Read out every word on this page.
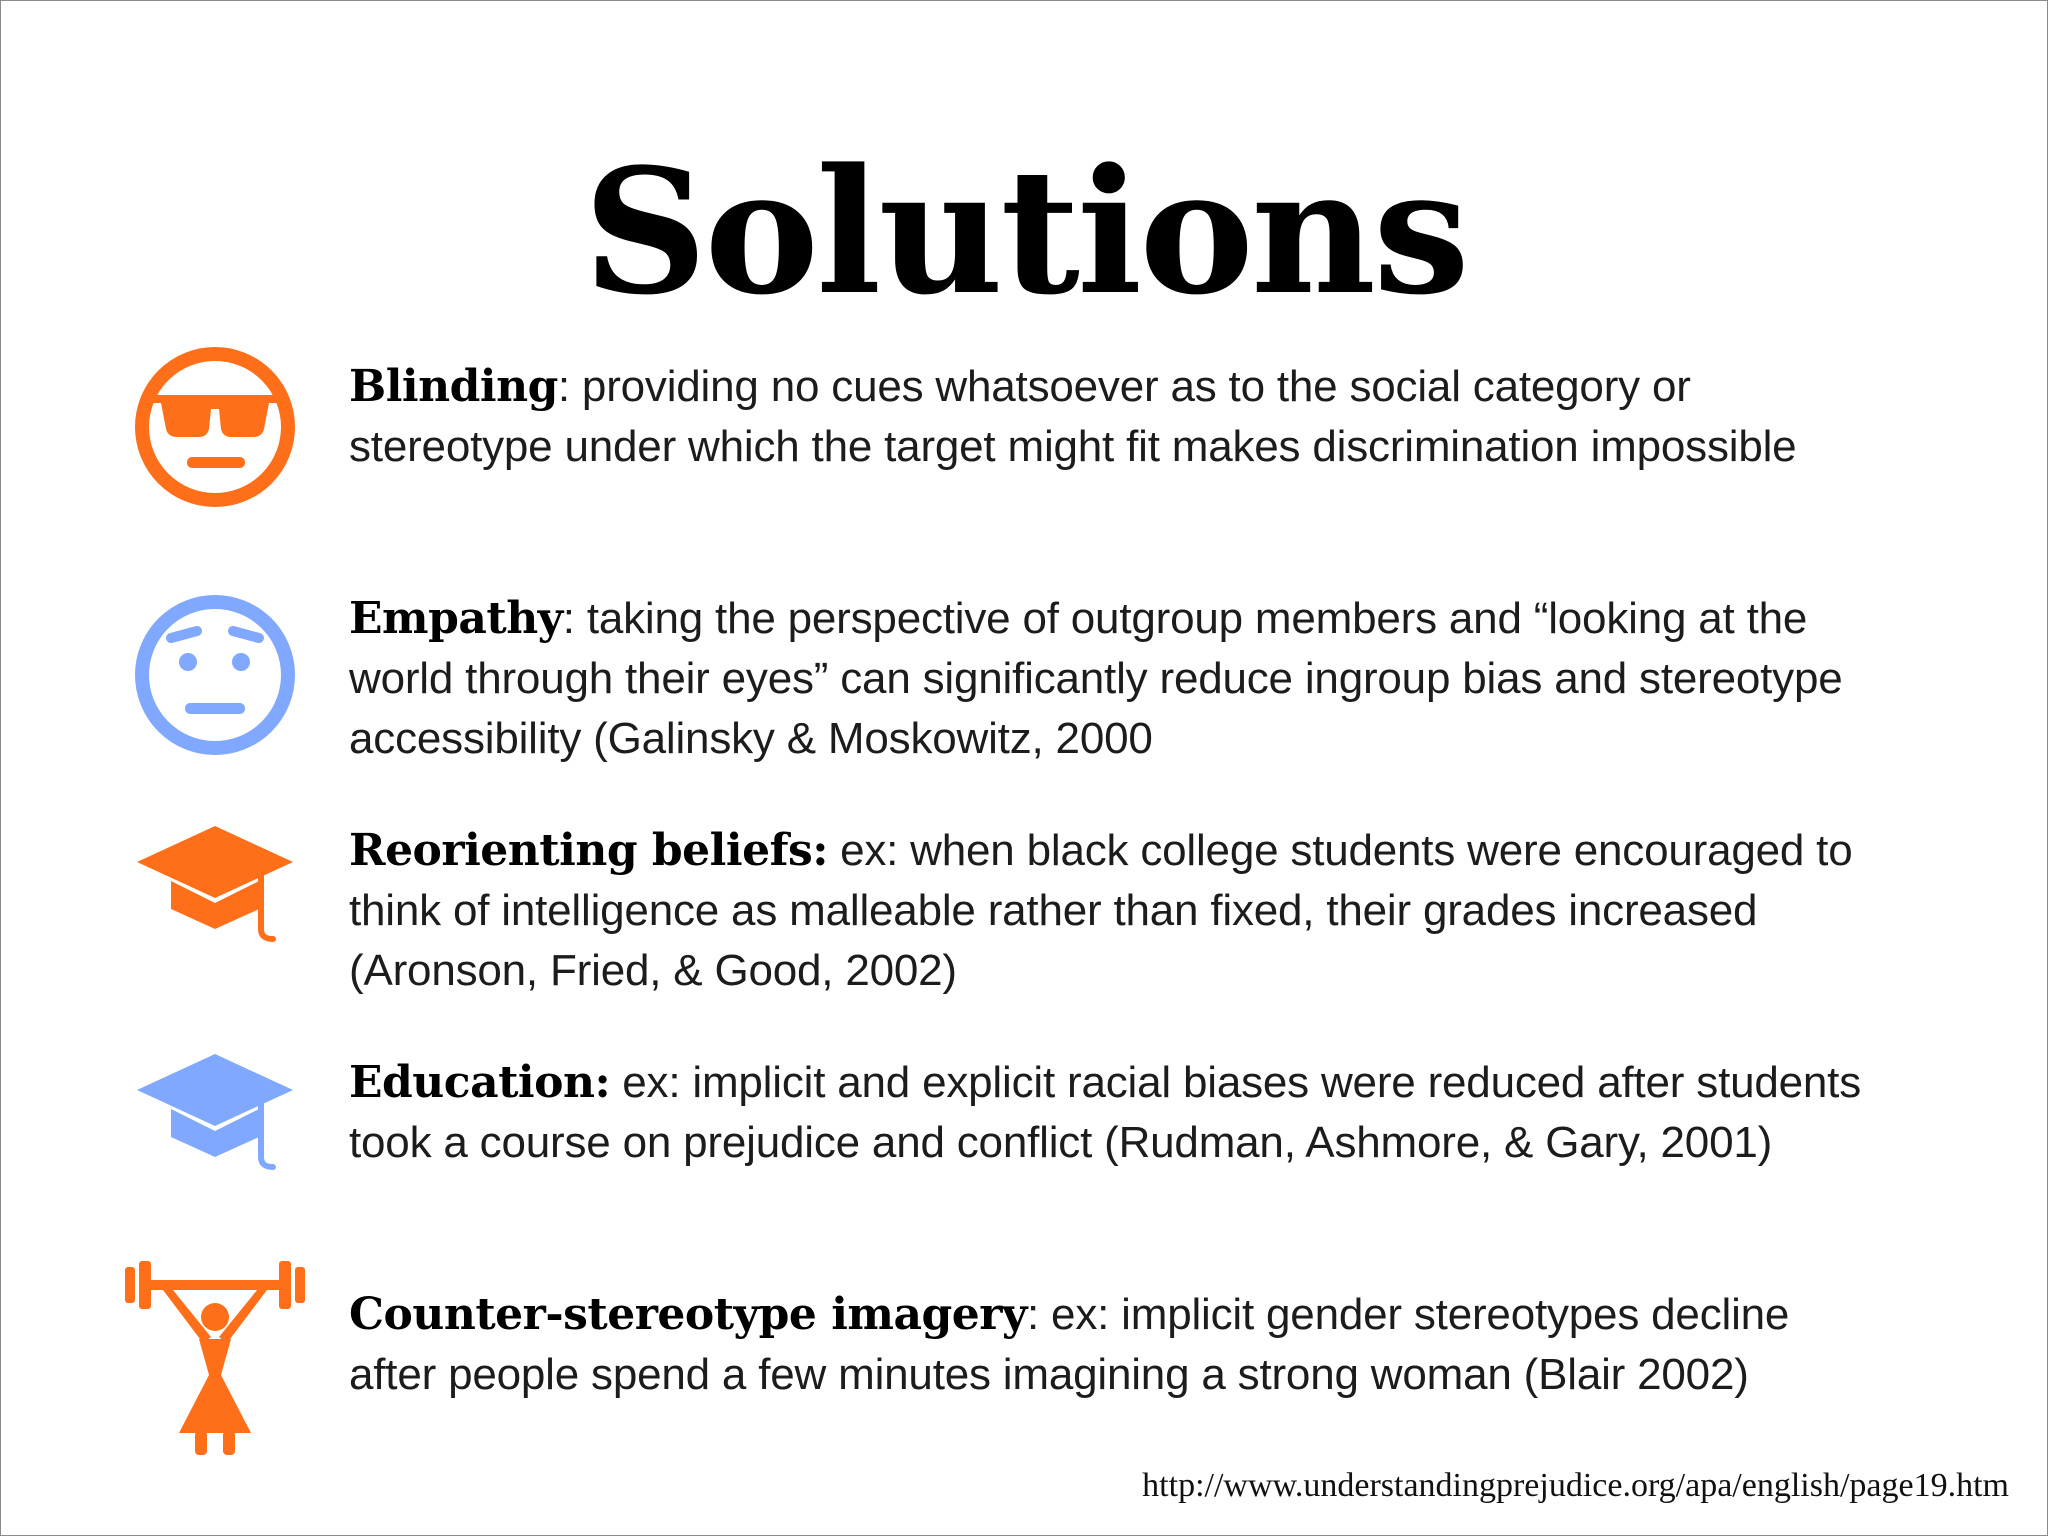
Solutions
Blinding: providing no cues whatsoever as to the social category or stereotype under which the target might fit makes discrimination impossible
Empathy: taking the perspective of outgroup members and “looking at the world through their eyes” can significantly reduce ingroup bias and stereotype accessibility (Galinsky & Moskowitz, 2000
Reorienting beliefs: ex: when black college students were encouraged to think of intelligence as malleable rather than fixed, their grades increased (Aronson, Fried, & Good, 2002)
Education: ex: implicit and explicit racial biases were reduced after students took a course on prejudice and conflict (Rudman, Ashmore, & Gary, 2001)
Counter-stereotype imagery: ex: implicit gender stereotypes decline after people spend a few minutes imagining a strong woman (Blair 2002)
http://www.understandingprejudice.org/apa/english/page19.htm
